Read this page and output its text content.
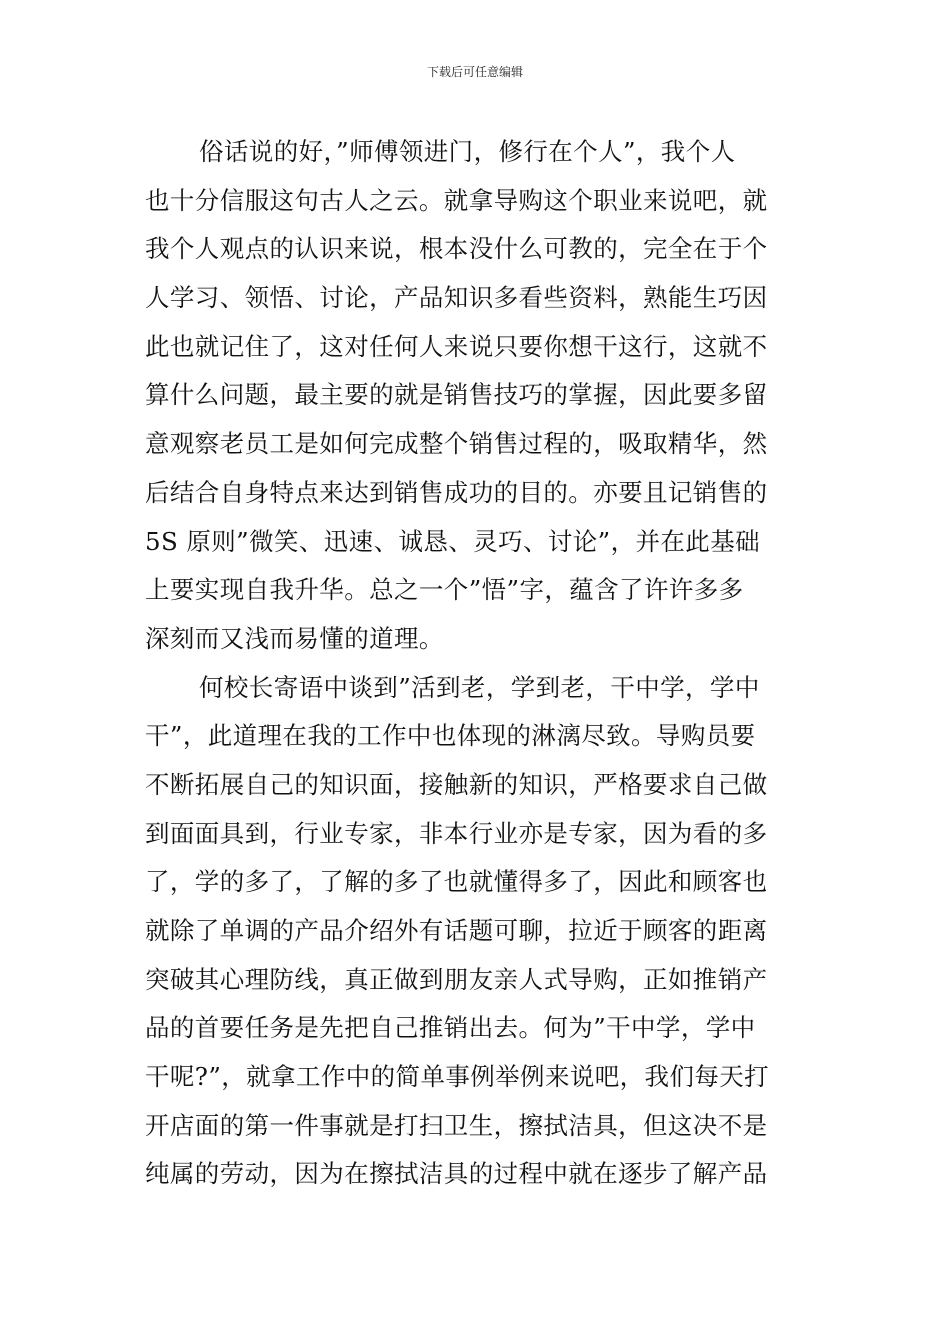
下载后可任意编辑
俗话说的好，”师傅领进门，修行在个人”，我个人
也十分信服这句古人之云。就拿导购这个职业来说吧，就
我个人观点的认识来说，根本没什么可教的，完全在于个
人学习、领悟、讨论，产品知识多看些资料，熟能生巧因
此也就记住了，这对任何人来说只要你想干这行，这就不
算什么问题，最主要的就是销售技巧的掌握，因此要多留
意观察老员工是如何完成整个销售过程的，吸取精华，然
后结合自身特点来达到销售成功的目的。亦要且记销售的
5S 原则”微笑、迅速、诚恳、灵巧、讨论”，并在此基础
上要实现自我升华。总之一个”悟”字，蕴含了许许多多
深刻而又浅而易懂的道理。
何校长寄语中谈到”活到老，学到老，干中学，学中
干”，此道理在我的工作中也体现的淋漓尽致。导购员要
不断拓展自己的知识面，接触新的知识，严格要求自己做
到面面具到，行业专家，非本行业亦是专家，因为看的多
了，学的多了，了解的多了也就懂得多了，因此和顾客也
就除了单调的产品介绍外有话题可聊，拉近于顾客的距离
突破其心理防线，真正做到朋友亲人式导购，正如推销产
品的首要任务是先把自己推销出去。何为”干中学，学中
干呢?”，就拿工作中的简单事例举例来说吧，我们每天打
开店面的第一件事就是打扫卫生，擦拭洁具，但这决不是
纯属的劳动，因为在擦拭洁具的过程中就在逐步了解产品
